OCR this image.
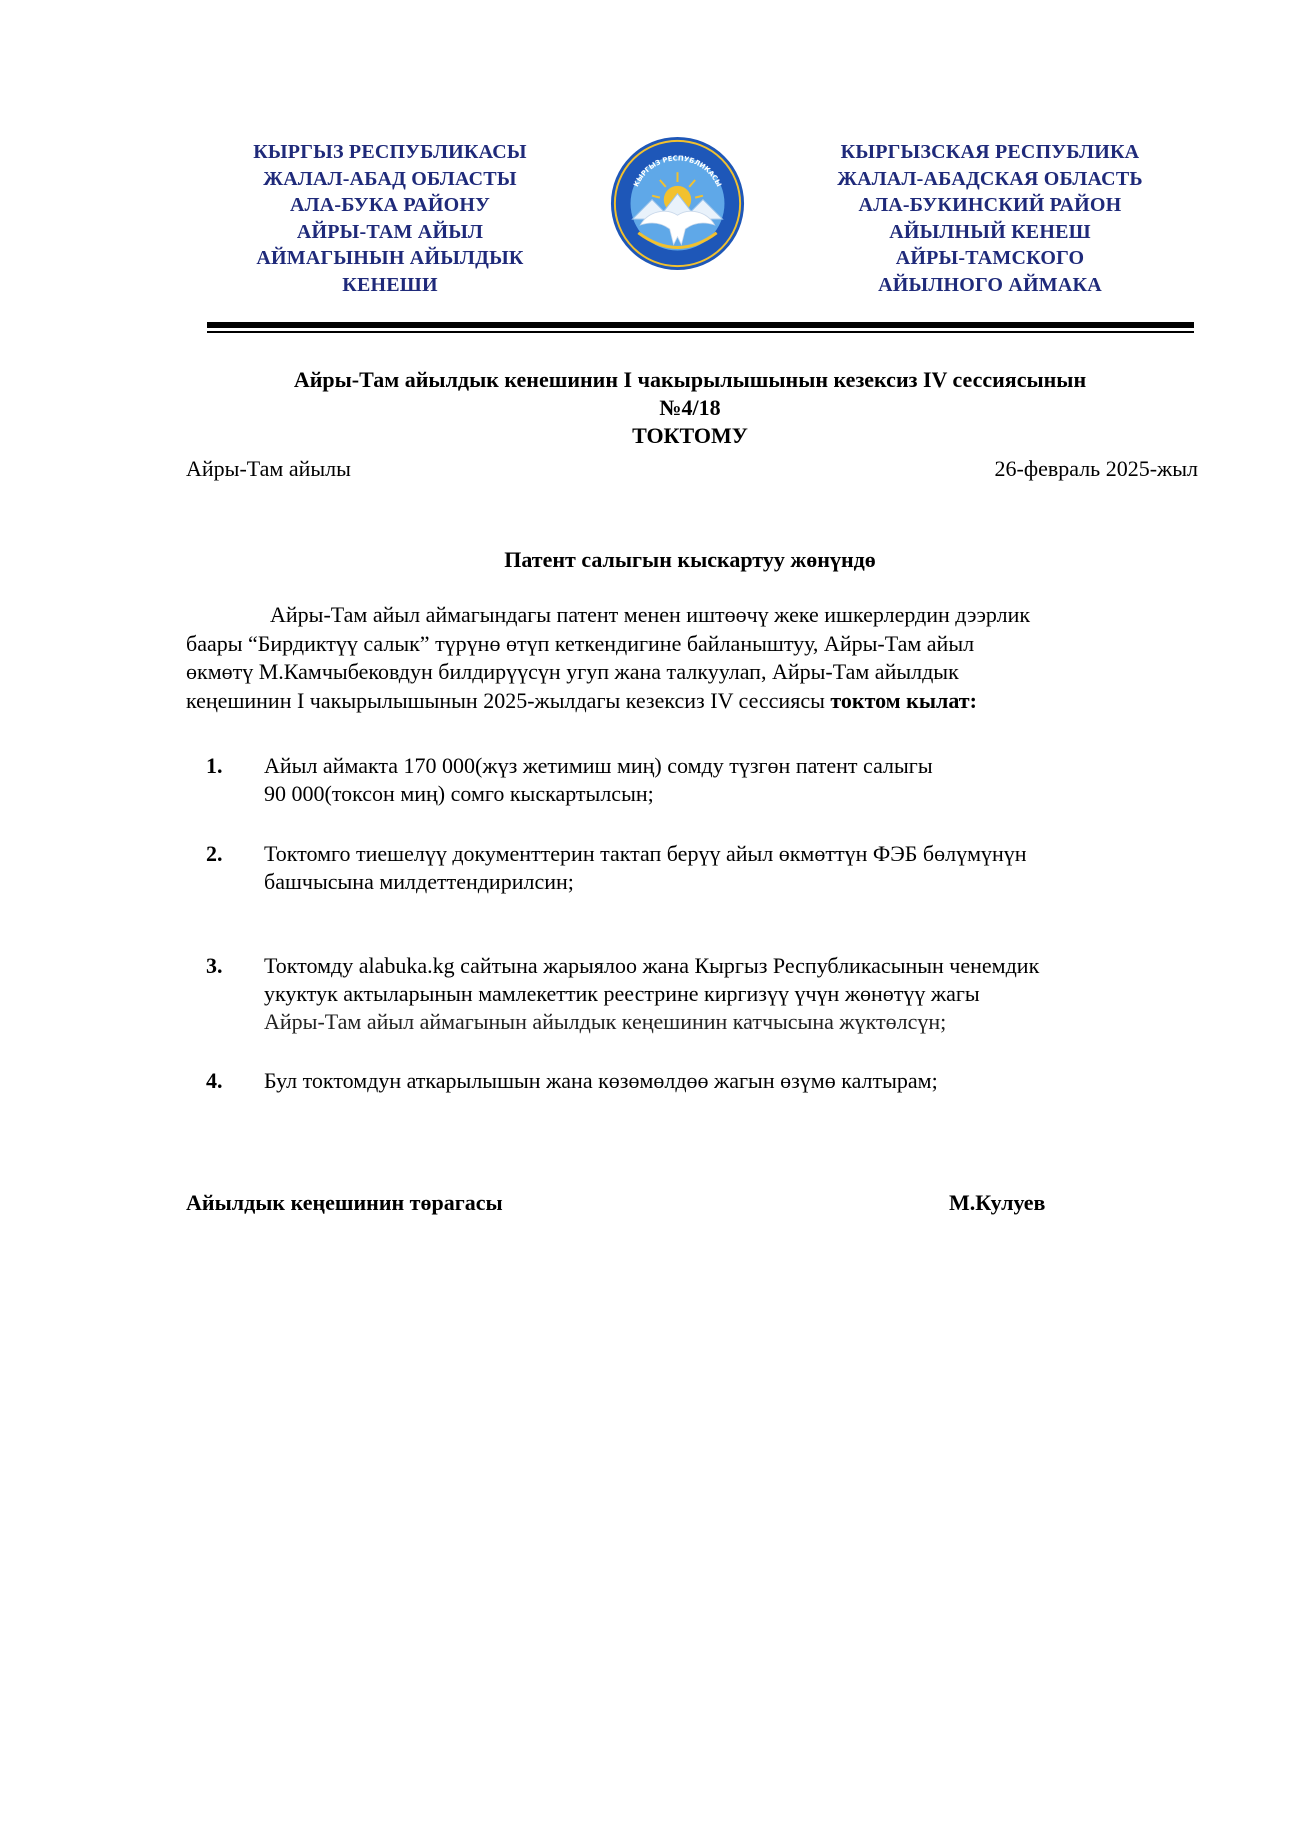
КЫРГЫЗ РЕСПУБЛИКАСЫ
ЖАЛАЛ-АБАД ОБЛАСТЫ
АЛА-БУКА РАЙОНУ
АЙРЫ-ТАМ АЙЫЛ
АЙМАГЫНЫН АЙЫЛДЫК
КЕНЕШИ
КЫРГЫЗ РЕСПУБЛИКАСЫ
КЫРГЫЗСКАЯ РЕСПУБЛИКА
ЖАЛАЛ-АБАДСКАЯ ОБЛАСТЬ
АЛА-БУКИНСКИЙ РАЙОН
АЙЫЛНЫЙ КЕНЕШ
АЙРЫ-ТАМСКОГО
АЙЫЛНОГО АЙМАКА
Айры-Там айылдык кенешинин I чакырылышынын кезексиз IV сессиясынын
№4/18
ТОКТОМУ
Айры-Там айылы	26-февраль 2025-жыл
Патент салыгын кыскартуу жөнүндө
Айры-Там айыл аймагындагы патент менен иштөөчү жеке ишкерлердин дээрлик
баары “Бирдиктүү салык” түрүнө өтүп кеткендигине байланыштуу, Айры-Там айыл
өкмөтү М.Камчыбековдун билдирүүсүн угуп жана талкуулап, Айры-Там айылдык
кеңешинин I чакырылышынын 2025-жылдагы кезексиз IV сессиясы токтом кылат:
1. Айыл аймакта 170 000(жүз жетимиш миң) сомду түзгөн патент салыгы
90 000(токсон миң) сомго кыскартылсын;
2. Токтомго тиешелүү документтерин тактап берүү айыл өкмөттүн ФЭБ бөлүмүнүн
башчысына милдеттендирилсин;
3. Токтомду alabuka.kg сайтына жарыялоо жана Кыргыз Республикасынын ченемдик
укуктук актыларынын мамлекеттик реестрине киргизүү үчүн жөнөтүү жагы
Айры-Там айыл аймагынын айылдык кеңешинин катчысына жүктөлсүн;
4. Бул токтомдун аткарылышын жана көзөмөлдөө жагын өзүмө калтырам;
Айылдык кеңешинин төрагасы	М.Кулуев
